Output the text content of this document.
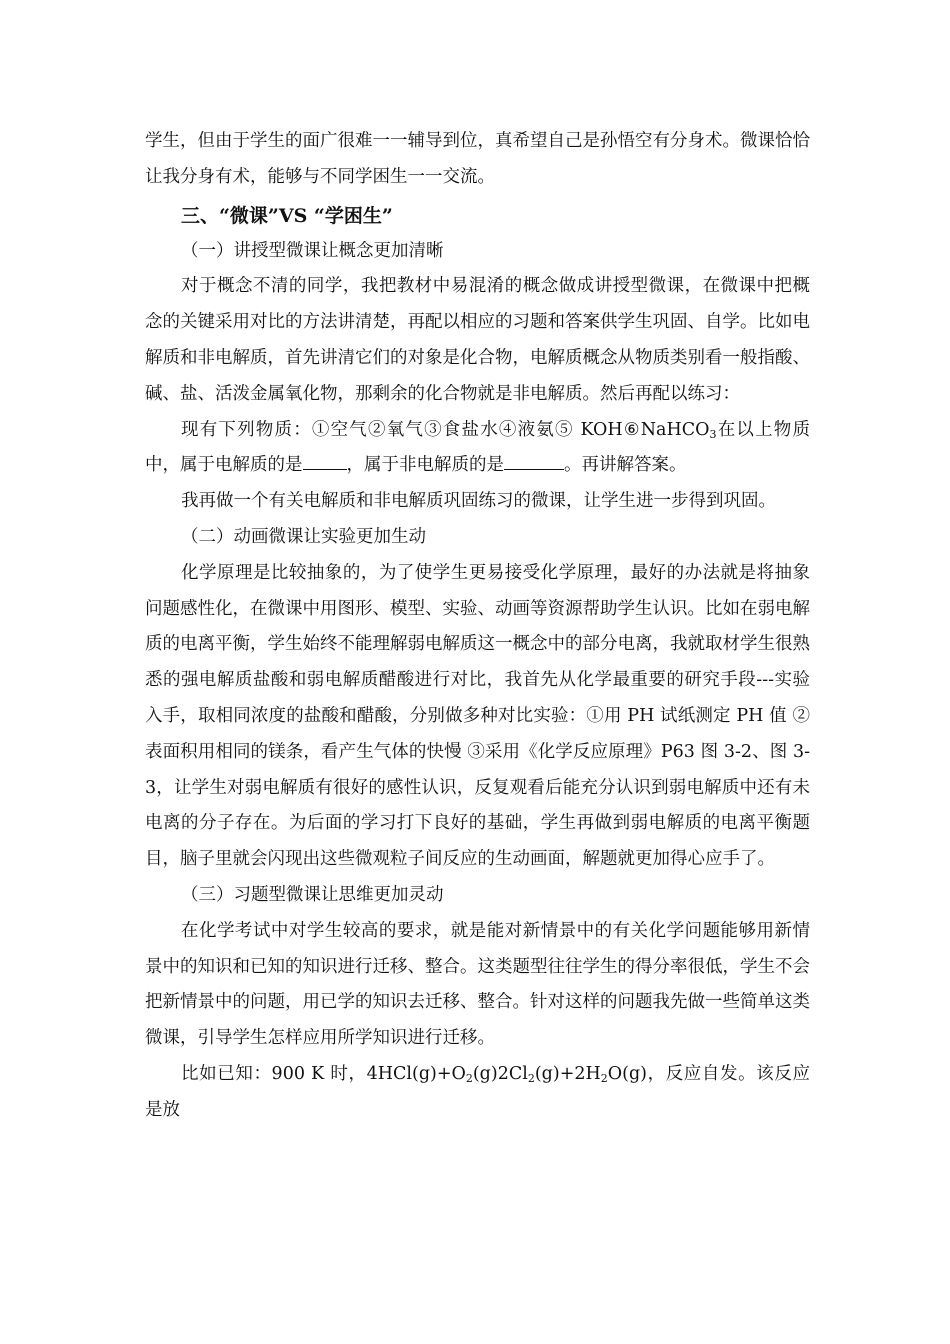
学生，但由于学生的面广很难一一辅导到位，真希望自己是孙悟空有分身术。微课恰恰让我分身有术，能够与不同学困生一一交流。

三、“微课”VS “学困生”

（一）讲授型微课让概念更加清晰

对于概念不清的同学，我把教材中易混淆的概念做成讲授型微课，在微课中把概念的关键采用对比的方法讲清楚，再配以相应的习题和答案供学生巩固、自学。比如电解质和非电解质，首先讲清它们的对象是化合物，电解质概念从物质类别看一般指酸、碱、盐、活泼金属氧化物，那剩余的化合物就是非电解质。然后再配以练习：

现有下列物质：①空气②氧气③食盐水④液氨⑤ KOH⑥NaHCO$_3$在以上物质中，属于电解质的是	，属于非电解质的是	。再讲解答案。

我再做一个有关电解质和非电解质巩固练习的微课，让学生进一步得到巩固。

（二）动画微课让实验更加生动

化学原理是比较抽象的，为了使学生更易接受化学原理，最好的办法就是将抽象问题感性化，在微课中用图形、模型、实验、动画等资源帮助学生认识。比如在弱电解质的电离平衡，学生始终不能理解弱电解质这一概念中的部分电离，我就取材学生很熟悉的强电解质盐酸和弱电解质醋酸进行对比，我首先从化学最重要的研究手段---实验入手，取相同浓度的盐酸和醋酸，分别做多种对比实验：①用 PH 试纸测定 PH 值 ②表面积用相同的镁条，看产生气体的快慢 ③采用《化学反应原理》P63 图 3-2、图 3-3，让学生对弱电解质有很好的感性认识，反复观看后能充分认识到弱电解质中还有未电离的分子存在。为后面的学习打下良好的基础，学生再做到弱电解质的电离平衡题目，脑子里就会闪现出这些微观粒子间反应的生动画面，解题就更加得心应手了。

（三）习题型微课让思维更加灵动

在化学考试中对学生较高的要求，就是能对新情景中的有关化学问题能够用新情景中的知识和已知的知识进行迁移、整合。这类题型往往学生的得分率很低，学生不会把新情景中的问题，用已学的知识去迁移、整合。针对这样的问题我先做一些简单这类微课，引导学生怎样应用所学知识进行迁移。

比如已知：900 K 时，$4HCl(g)+O_2(g)2Cl_2(g)+2H_2O(g)$，反应自发。该反应是放
